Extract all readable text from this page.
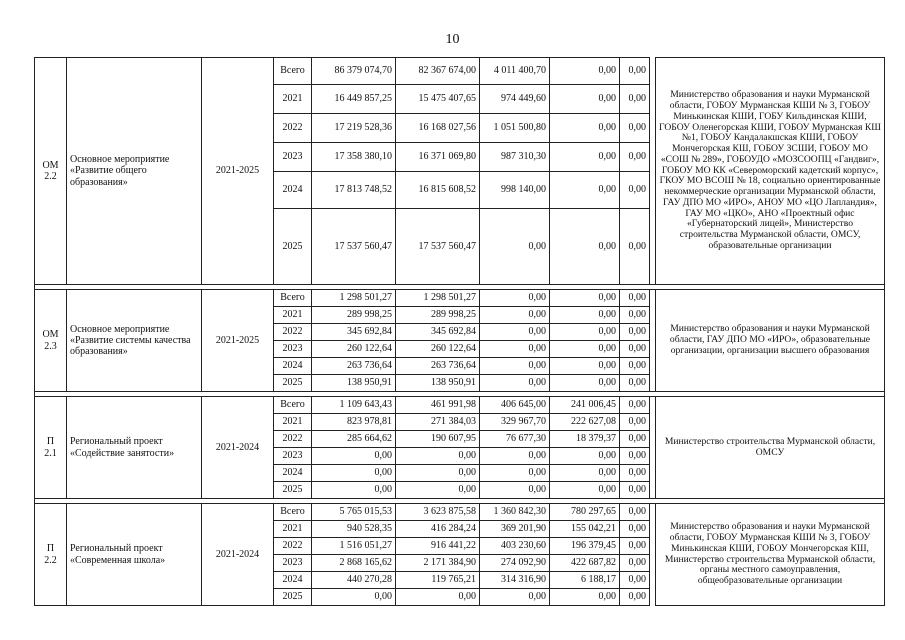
10
ОМ
2.2	Основное мероприятие «Развитие общего образования»	2021-2025	Всего	86 379 074,70	82 367 674,00	4 011 400,70	0,00	0,00		Министерство образования и науки Мурманской области, ГОБОУ Мурманская КШИ № 3, ГОБОУ Минькинская КШИ, ГОБУ Кильдинская КШИ, ГОБОУ Оленегорская КШИ, ГОБОУ Мурманская КШ №1, ГОБОУ Кандалакшская КШИ, ГОБОУ Мончегорская КШ, ГОБОУ ЗСШИ, ГОБОУ МО «СОШ № 289», ГОБОУДО «МОЗСООПЦ «Гандвиг», ГОБОУ МО КК «Североморский кадетский корпус», ГКОУ МО ВСОШ № 18, социально ориентированные некоммерческие организации Мурманской области, ГАУ ДПО МО «ИРО», АНОУ МО «ЦО Лапландия», ГАУ МО «ЦКО», АНО «Проектный офис «Губернаторский лицей», Министерство строительства Мурманской области, ОМСУ, образовательные организации
			2021	16 449 857,25	15 475 407,65	974 449,60	0,00	0,00		
			2022	17 219 528,36	16 168 027,56	1 051 500,80	0,00	0,00		
			2023	17 358 380,10	16 371 069,80	987 310,30	0,00	0,00		
			2024	17 813 748,52	16 815 608,52	998 140,00	0,00	0,00		
			2025	17 537 560,47	17 537 560,47	0,00	0,00	0,00		

ОМ
2.3	Основное мероприятие «Развитие системы качества образования»	2021-2025	Всего	1 298 501,27	1 298 501,27	0,00	0,00	0,00		Министерство образования и науки Мурманской области, ГАУ ДПО МО «ИРО», образовательные организации, организации высшего образования
			2021	289 998,25	289 998,25	0,00	0,00	0,00		
			2022	345 692,84	345 692,84	0,00	0,00	0,00		
			2023	260 122,64	260 122,64	0,00	0,00	0,00		
			2024	263 736,64	263 736,64	0,00	0,00	0,00		
			2025	138 950,91	138 950,91	0,00	0,00	0,00		

П
2.1	Региональный проект «Содействие занятости»	2021-2024	Всего	1 109 643,43	461 991,98	406 645,00	241 006,45	0,00		Министерство строительства Мурманской области, ОМСУ
			2021	823 978,81	271 384,03	329 967,70	222 627,08	0,00		
			2022	285 664,62	190 607,95	76 677,30	18 379,37	0,00		
			2023	0,00	0,00	0,00	0,00	0,00		
			2024	0,00	0,00	0,00	0,00	0,00		
			2025	0,00	0,00	0,00	0,00	0,00		

П
2.2	Региональный проект «Современная школа»	2021-2024	Всего	5 765 015,53	3 623 875,58	1 360 842,30	780 297,65	0,00		Министерство образования и науки Мурманской области, ГОБОУ Мурманская КШИ № 3, ГОБОУ Минькинская КШИ, ГОБОУ Мончегорская КШ, Министерство строительства Мурманской области, органы местного самоуправления, общеобразовательные организации
			2021	940 528,35	416 284,24	369 201,90	155 042,21	0,00		
			2022	1 516 051,27	916 441,22	403 230,60	196 379,45	0,00		
			2023	2 868 165,62	2 171 384,90	274 092,90	422 687,82	0,00		
			2024	440 270,28	119 765,21	314 316,90	6 188,17	0,00		
			2025	0,00	0,00	0,00	0,00	0,00		
